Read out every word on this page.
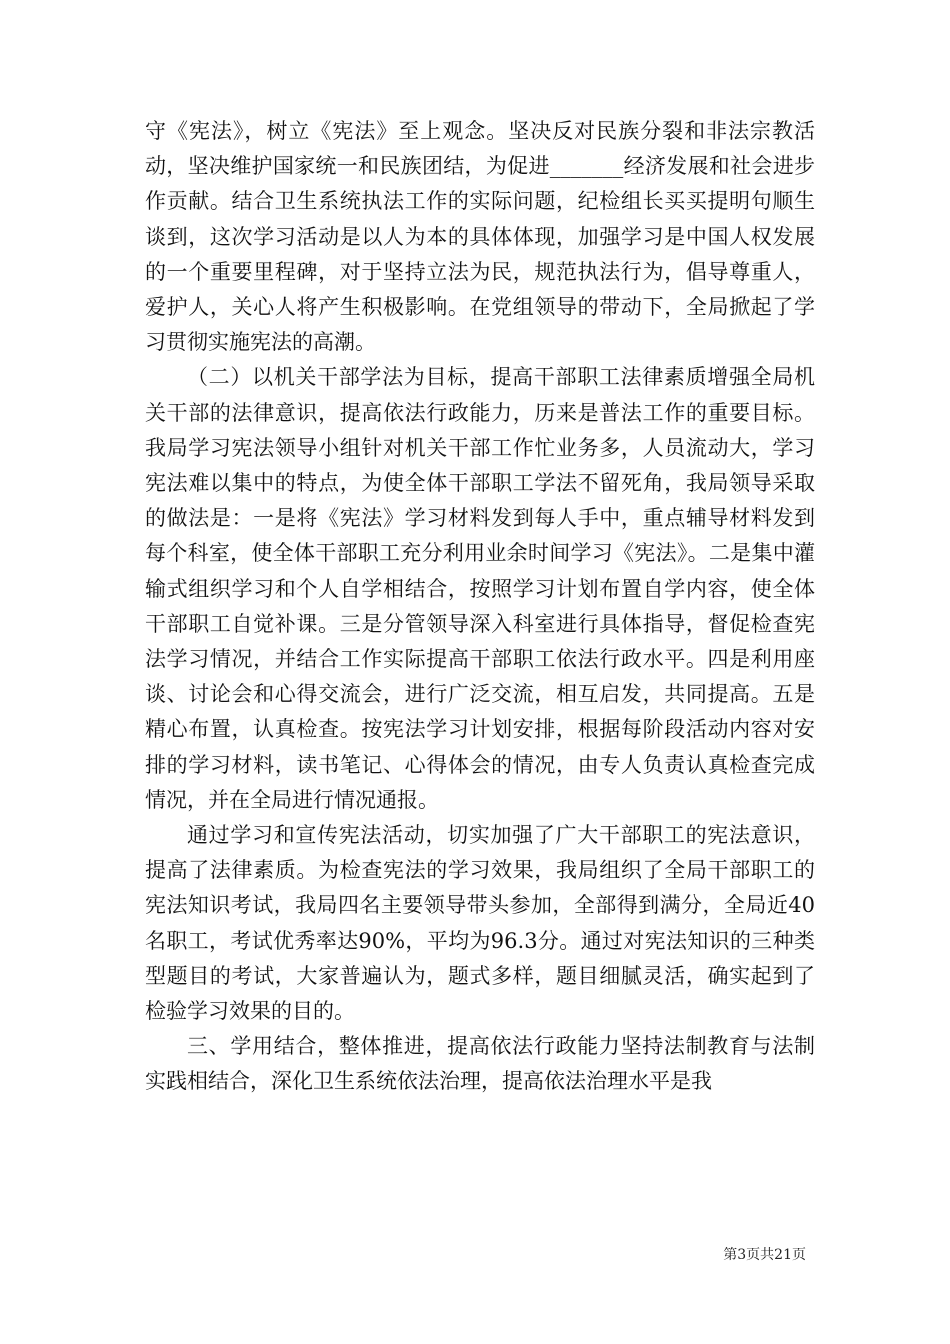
守《宪法》，树立《宪法》至上观念。坚决反对民族分裂和非法宗教活动，坚决维护国家统一和民族团结，为促进_______经济发展和社会进步作贡献。结合卫生系统执法工作的实际问题，纪检组长买买提明句顺生谈到，这次学习活动是以人为本的具体体现，加强学习是中国人权发展的一个重要里程碑，对于坚持立法为民，规范执法行为，倡导尊重人，爱护人，关心人将产生积极影响。在党组领导的带动下，全局掀起了学习贯彻实施宪法的高潮。

（二）以机关干部学法为目标，提高干部职工法律素质增强全局机关干部的法律意识，提高依法行政能力，历来是普法工作的重要目标。我局学习宪法领导小组针对机关干部工作忙业务多，人员流动大，学习宪法难以集中的特点，为使全体干部职工学法不留死角，我局领导采取的做法是：一是将《宪法》学习材料发到每人手中，重点辅导材料发到每个科室，使全体干部职工充分利用业余时间学习《宪法》。二是集中灌输式组织学习和个人自学相结合，按照学习计划布置自学内容，使全体干部职工自觉补课。三是分管领导深入科室进行具体指导，督促检查宪法学习情况，并结合工作实际提高干部职工依法行政水平。四是利用座谈、讨论会和心得交流会，进行广泛交流，相互启发，共同提高。五是精心布置，认真检查。按宪法学习计划安排，根据每阶段活动内容对安排的学习材料，读书笔记、心得体会的情况，由专人负责认真检查完成情况，并在全局进行情况通报。

通过学习和宣传宪法活动，切实加强了广大干部职工的宪法意识，提高了法律素质。为检查宪法的学习效果，我局组织了全局干部职工的宪法知识考试，我局四名主要领导带头参加，全部得到满分，全局近40名职工，考试优秀率达90%，平均为96.3分。通过对宪法知识的三种类型题目的考试，大家普遍认为，题式多样，题目细腻灵活，确实起到了检验学习效果的目的。

三、学用结合，整体推进，提高依法行政能力坚持法制教育与法制实践相结合，深化卫生系统依法治理，提高依法治理水平是我

第3页共21页
